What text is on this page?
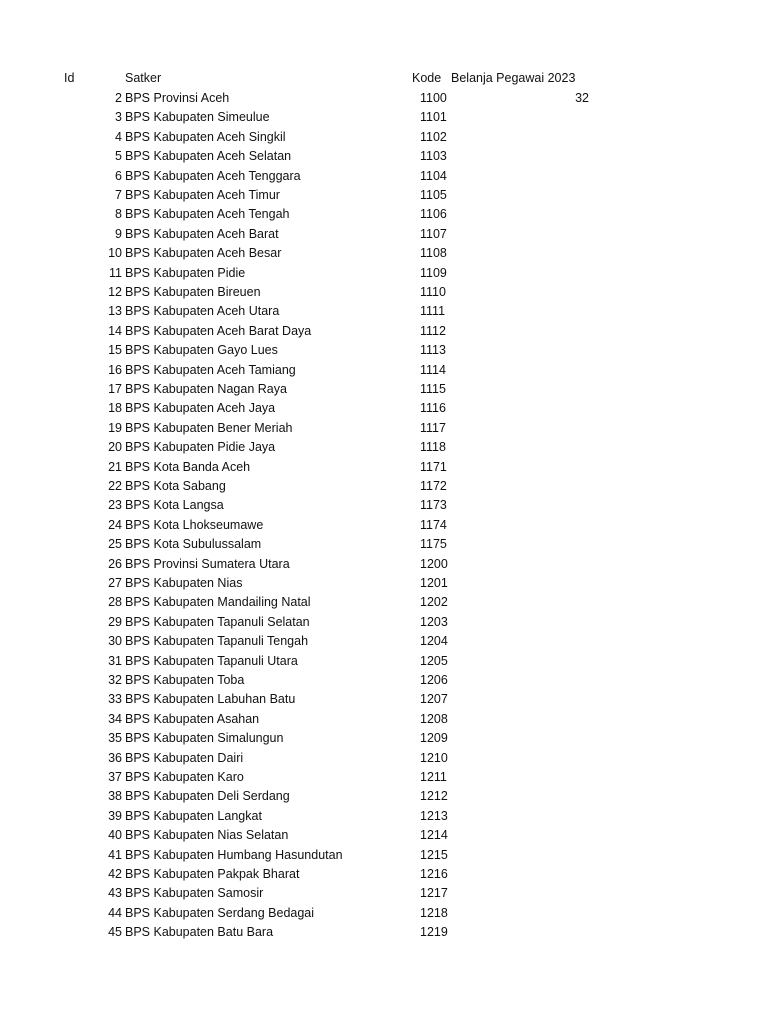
Id	Satker	Kode Belanja Pegawai 2023
2 BPS Provinsi Aceh	1100	32
3 BPS Kabupaten Simeulue	1101
4 BPS Kabupaten Aceh Singkil	1102
5 BPS Kabupaten Aceh Selatan	1103
6 BPS Kabupaten Aceh Tenggara	1104
7 BPS Kabupaten Aceh Timur	1105
8 BPS Kabupaten Aceh Tengah	1106
9 BPS Kabupaten Aceh Barat	1107
10 BPS Kabupaten Aceh Besar	1108
11 BPS Kabupaten Pidie	1109
12 BPS Kabupaten Bireuen	1110
13 BPS Kabupaten Aceh Utara	1111
14 BPS Kabupaten Aceh Barat Daya	1112
15 BPS Kabupaten Gayo Lues	1113
16 BPS Kabupaten Aceh Tamiang	1114
17 BPS Kabupaten Nagan Raya	1115
18 BPS Kabupaten Aceh Jaya	1116
19 BPS Kabupaten Bener Meriah	1117
20 BPS Kabupaten Pidie Jaya	1118
21 BPS Kota Banda Aceh	1171
22 BPS Kota Sabang	1172
23 BPS Kota Langsa	1173
24 BPS Kota Lhokseumawe	1174
25 BPS Kota Subulussalam	1175
26 BPS Provinsi Sumatera Utara	1200
27 BPS Kabupaten Nias	1201
28 BPS Kabupaten Mandailing Natal	1202
29 BPS Kabupaten Tapanuli Selatan	1203
30 BPS Kabupaten Tapanuli Tengah	1204
31 BPS Kabupaten Tapanuli Utara	1205
32 BPS Kabupaten Toba	1206
33 BPS Kabupaten Labuhan Batu	1207
34 BPS Kabupaten Asahan	1208
35 BPS Kabupaten Simalungun	1209
36 BPS Kabupaten Dairi	1210
37 BPS Kabupaten Karo	1211
38 BPS Kabupaten Deli Serdang	1212
39 BPS Kabupaten Langkat	1213
40 BPS Kabupaten Nias Selatan	1214
41 BPS Kabupaten Humbang Hasundutan	1215
42 BPS Kabupaten Pakpak Bharat	1216
43 BPS Kabupaten Samosir	1217
44 BPS Kabupaten Serdang Bedagai	1218
45 BPS Kabupaten Batu Bara	1219
